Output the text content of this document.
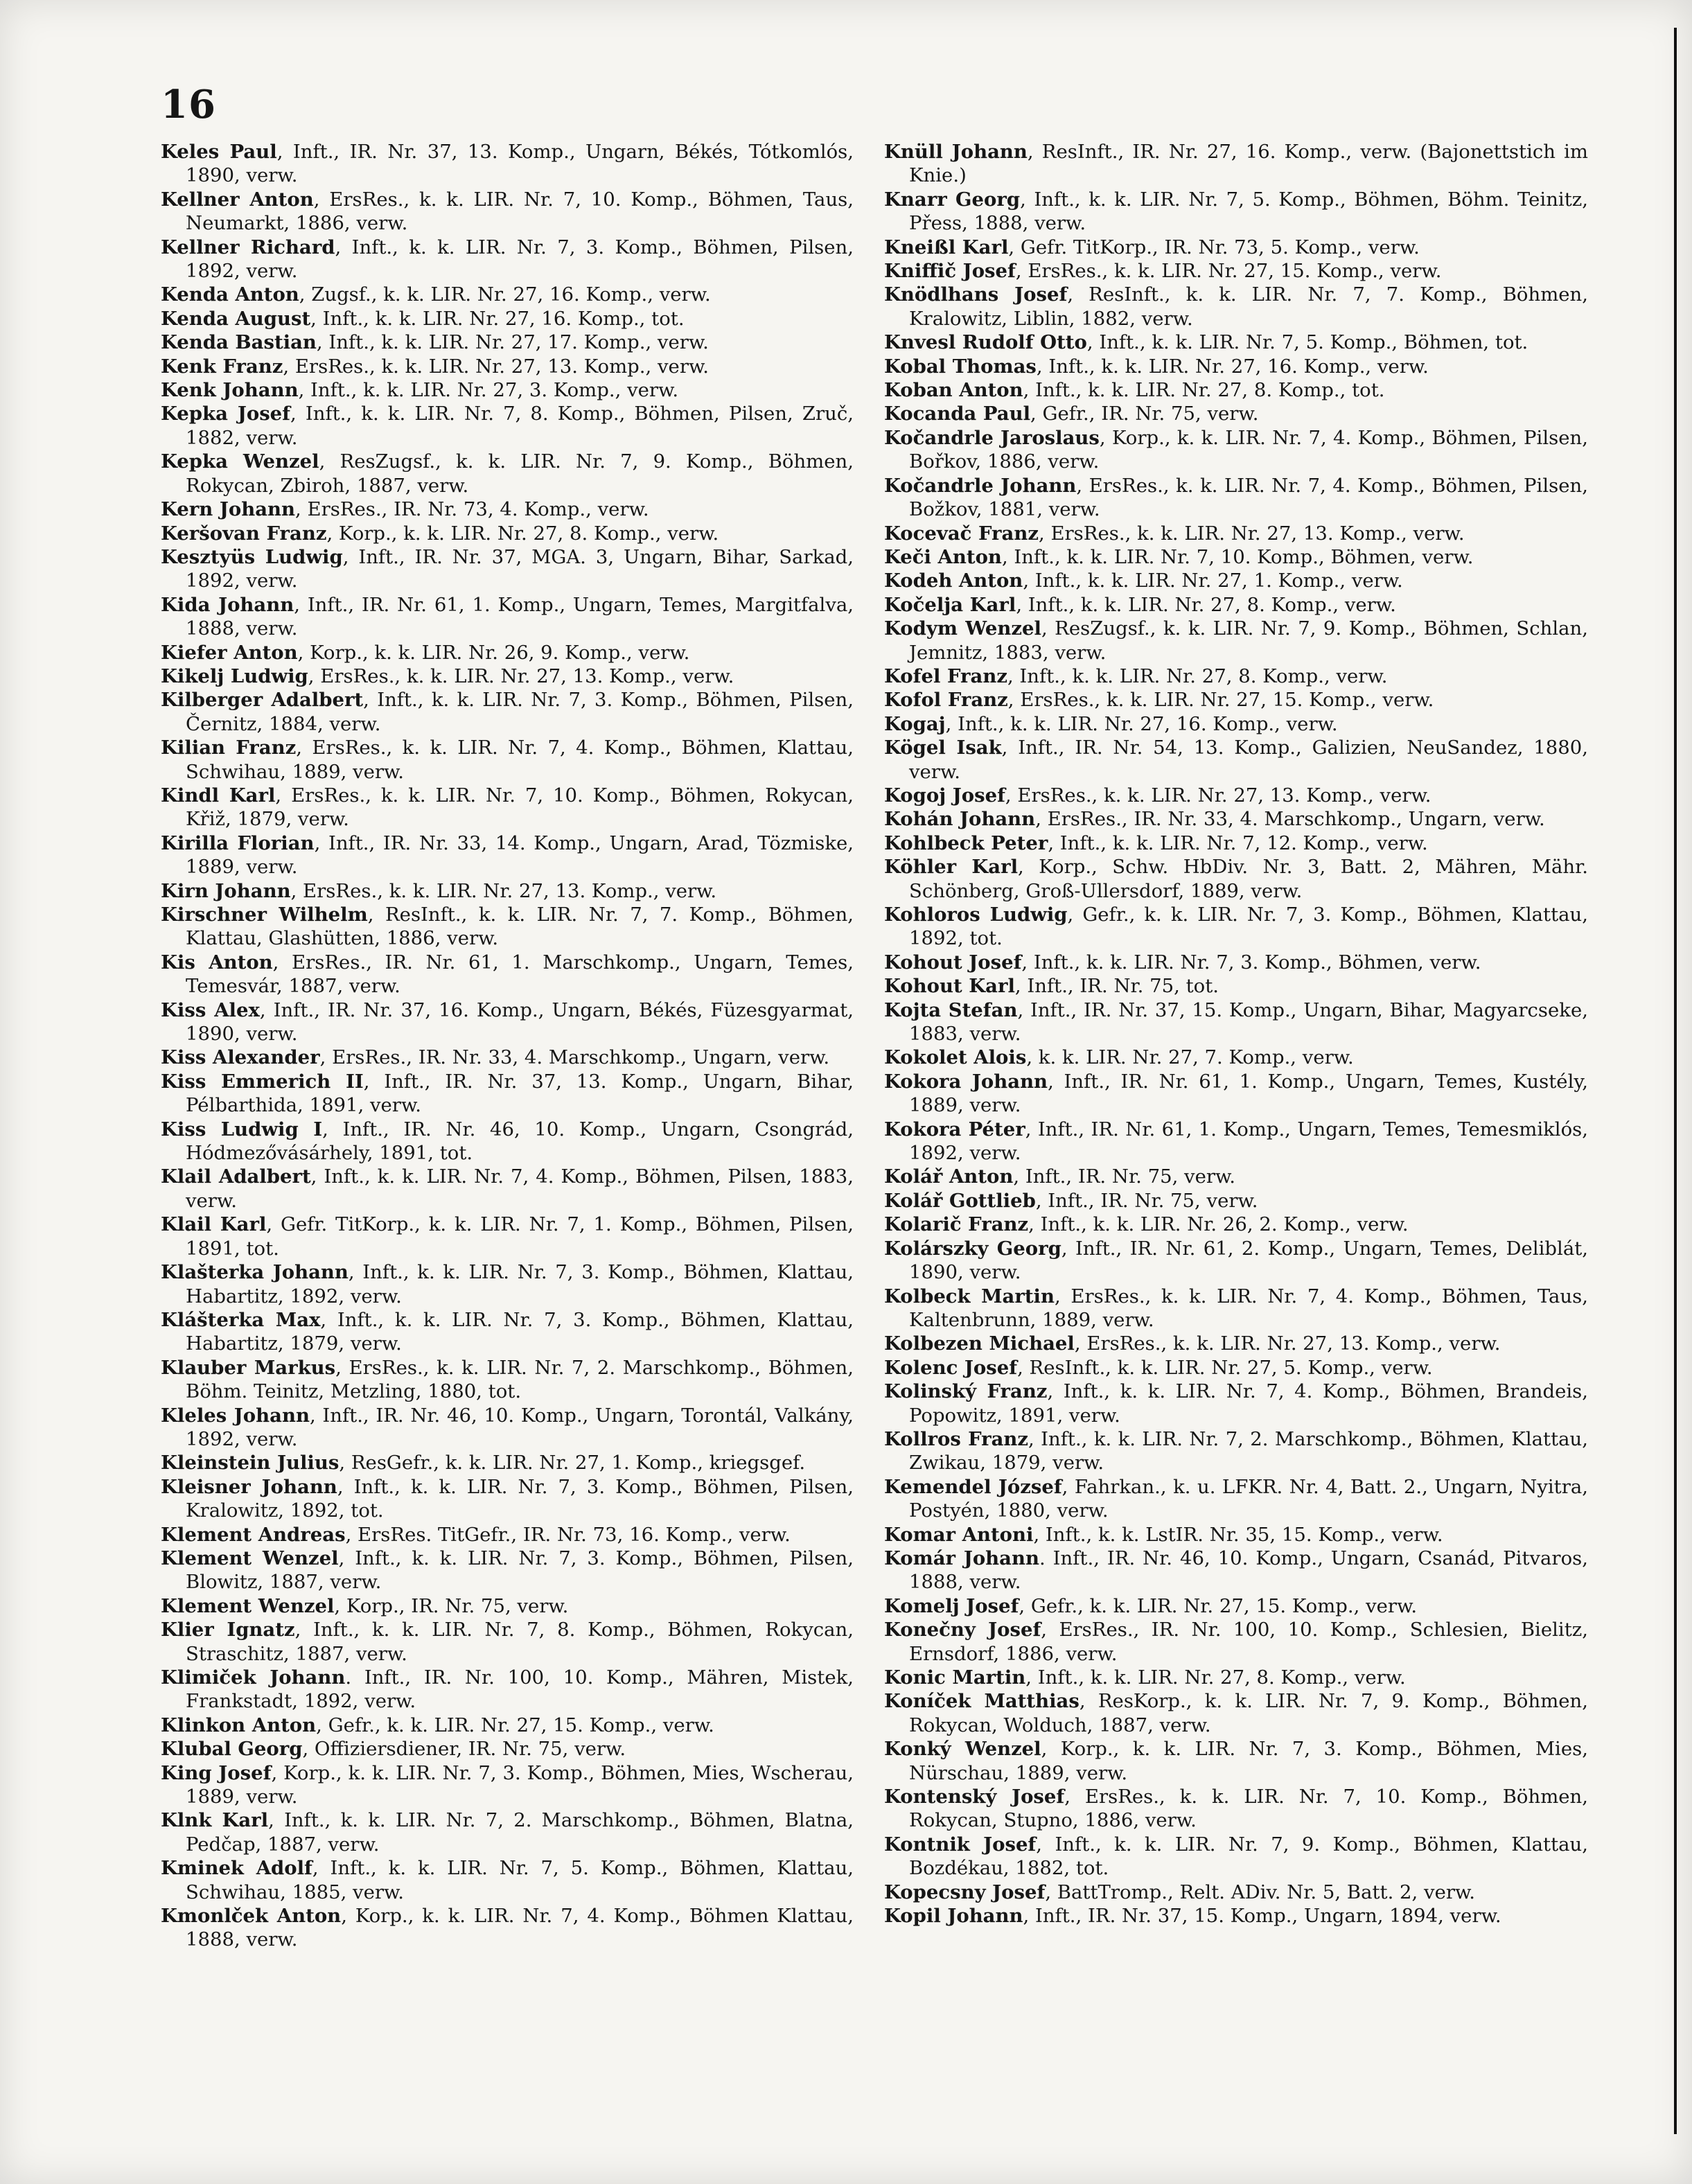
16
Keles Paul, Inft., IR. Nr. 37, 13. Komp., Ungarn, Békés, Tótkomlós, 1890, verw.
Kellner Anton, ErsRes., k. k. LIR. Nr. 7, 10. Komp., Böhmen, Taus, Neumarkt, 1886, verw.
Kellner Richard, Inft., k. k. LIR. Nr. 7, 3. Komp., Böhmen, Pilsen, 1892, verw.
Kenda Anton, Zugsf., k. k. LIR. Nr. 27, 16. Komp., verw.
Kenda August, Inft., k. k. LIR. Nr. 27, 16. Komp., tot.
Kenda Bastian, Inft., k. k. LIR. Nr. 27, 17. Komp., verw.
Kenk Franz, ErsRes., k. k. LIR. Nr. 27, 13. Komp., verw.
Kenk Johann, Inft., k. k. LIR. Nr. 27, 3. Komp., verw.
Kepka Josef, Inft., k. k. LIR. Nr. 7, 8. Komp., Böhmen, Pilsen, Zruč, 1882, verw.
Kepka Wenzel, ResZugsf., k. k. LIR. Nr. 7, 9. Komp., Böhmen, Rokycan, Zbiroh, 1887, verw.
Kern Johann, ErsRes., IR. Nr. 73, 4. Komp., verw.
Keršovan Franz, Korp., k. k. LIR. Nr. 27, 8. Komp., verw.
Kesztyüs Ludwig, Inft., IR. Nr. 37, MGA. 3, Ungarn, Bihar, Sarkad, 1892, verw.
Kida Johann, Inft., IR. Nr. 61, 1. Komp., Ungarn, Temes, Margitfalva, 1888, verw.
Kiefer Anton, Korp., k. k. LIR. Nr. 26, 9. Komp., verw.
Kikelj Ludwig, ErsRes., k. k. LIR. Nr. 27, 13. Komp., verw.
Kilberger Adalbert, Inft., k. k. LIR. Nr. 7, 3. Komp., Böhmen, Pilsen, Černitz, 1884, verw.
Kilian Franz, ErsRes., k. k. LIR. Nr. 7, 4. Komp., Böhmen, Klattau, Schwihau, 1889, verw.
Kindl Karl, ErsRes., k. k. LIR. Nr. 7, 10. Komp., Böhmen, Rokycan, Křiž, 1879, verw.
Kirilla Florian, Inft., IR. Nr. 33, 14. Komp., Ungarn, Arad, Tözmiske, 1889, verw.
Kirn Johann, ErsRes., k. k. LIR. Nr. 27, 13. Komp., verw.
Kirschner Wilhelm, ResInft., k. k. LIR. Nr. 7, 7. Komp., Böhmen, Klattau, Glashütten, 1886, verw.
Kis Anton, ErsRes., IR. Nr. 61, 1. Marschkomp., Ungarn, Temes, Temesvár, 1887, verw.
Kiss Alex, Inft., IR. Nr. 37, 16. Komp., Ungarn, Békés, Füzesgyarmat, 1890, verw.
Kiss Alexander, ErsRes., IR. Nr. 33, 4. Marschkomp., Ungarn, verw.
Kiss Emmerich II, Inft., IR. Nr. 37, 13. Komp., Ungarn, Bihar, Pélbarthida, 1891, verw.
Kiss Ludwig I, Inft., IR. Nr. 46, 10. Komp., Ungarn, Csongrád, Hódmezővásárhely, 1891, tot.
Klail Adalbert, Inft., k. k. LIR. Nr. 7, 4. Komp., Böhmen, Pilsen, 1883, verw.
Klail Karl, Gefr. TitKorp., k. k. LIR. Nr. 7, 1. Komp., Böhmen, Pilsen, 1891, tot.
Klašterka Johann, Inft., k. k. LIR. Nr. 7, 3. Komp., Böhmen, Klattau, Habartitz, 1892, verw.
Klášterka Max, Inft., k. k. LIR. Nr. 7, 3. Komp., Böhmen, Klattau, Habartitz, 1879, verw.
Klauber Markus, ErsRes., k. k. LIR. Nr. 7, 2. Marschkomp., Böhmen, Böhm. Teinitz, Metzling, 1880, tot.
Kleles Johann, Inft., IR. Nr. 46, 10. Komp., Ungarn, Torontál, Valkány, 1892, verw.
Kleinstein Julius, ResGefr., k. k. LIR. Nr. 27, 1. Komp., kriegsgef.
Kleisner Johann, Inft., k. k. LIR. Nr. 7, 3. Komp., Böhmen, Pilsen, Kralowitz, 1892, tot.
Klement Andreas, ErsRes. TitGefr., IR. Nr. 73, 16. Komp., verw.
Klement Wenzel, Inft., k. k. LIR. Nr. 7, 3. Komp., Böhmen, Pilsen, Blowitz, 1887, verw.
Klement Wenzel, Korp., IR. Nr. 75, verw.
Klier Ignatz, Inft., k. k. LIR. Nr. 7, 8. Komp., Böhmen, Rokycan, Straschitz, 1887, verw.
Klimiček Johann. Inft., IR. Nr. 100, 10. Komp., Mähren, Mistek, Frankstadt, 1892, verw.
Klinkon Anton, Gefr., k. k. LIR. Nr. 27, 15. Komp., verw.
Klubal Georg, Offiziersdiener, IR. Nr. 75, verw.
King Josef, Korp., k. k. LIR. Nr. 7, 3. Komp., Böhmen, Mies, Wscherau, 1889, verw.
Klnk Karl, Inft., k. k. LIR. Nr. 7, 2. Marschkomp., Böhmen, Blatna, Pedčap, 1887, verw.
Kminek Adolf, Inft., k. k. LIR. Nr. 7, 5. Komp., Böhmen, Klattau, Schwihau, 1885, verw.
Kmonlček Anton, Korp., k. k. LIR. Nr. 7, 4. Komp., Böhmen Klattau, 1888, verw.
Knüll Johann, ResInft., IR. Nr. 27, 16. Komp., verw. (Bajonettstich im Knie.)
Knarr Georg, Inft., k. k. LIR. Nr. 7, 5. Komp., Böhmen, Böhm. Teinitz, Přess, 1888, verw.
Kneißl Karl, Gefr. TitKorp., IR. Nr. 73, 5. Komp., verw.
Kniffič Josef, ErsRes., k. k. LIR. Nr. 27, 15. Komp., verw.
Knödlhans Josef, ResInft., k. k. LIR. Nr. 7, 7. Komp., Böhmen, Kralowitz, Liblin, 1882, verw.
Knvesl Rudolf Otto, Inft., k. k. LIR. Nr. 7, 5. Komp., Böhmen, tot.
Kobal Thomas, Inft., k. k. LIR. Nr. 27, 16. Komp., verw.
Koban Anton, Inft., k. k. LIR. Nr. 27, 8. Komp., tot.
Kocanda Paul, Gefr., IR. Nr. 75, verw.
Kočandrle Jaroslaus, Korp., k. k. LIR. Nr. 7, 4. Komp., Böhmen, Pilsen, Bořkov, 1886, verw.
Kočandrle Johann, ErsRes., k. k. LIR. Nr. 7, 4. Komp., Böhmen, Pilsen, Božkov, 1881, verw.
Kocevač Franz, ErsRes., k. k. LIR. Nr. 27, 13. Komp., verw.
Keči Anton, Inft., k. k. LIR. Nr. 7, 10. Komp., Böhmen, verw.
Kodeh Anton, Inft., k. k. LIR. Nr. 27, 1. Komp., verw.
Kočelja Karl, Inft., k. k. LIR. Nr. 27, 8. Komp., verw.
Kodym Wenzel, ResZugsf., k. k. LIR. Nr. 7, 9. Komp., Böhmen, Schlan, Jemnitz, 1883, verw.
Kofel Franz, Inft., k. k. LIR. Nr. 27, 8. Komp., verw.
Kofol Franz, ErsRes., k. k. LIR. Nr. 27, 15. Komp., verw.
Kogaj, Inft., k. k. LIR. Nr. 27, 16. Komp., verw.
Kögel Isak, Inft., IR. Nr. 54, 13. Komp., Galizien, NeuSandez, 1880, verw.
Kogoj Josef, ErsRes., k. k. LIR. Nr. 27, 13. Komp., verw.
Kohán Johann, ErsRes., IR. Nr. 33, 4. Marschkomp., Ungarn, verw.
Kohlbeck Peter, Inft., k. k. LIR. Nr. 7, 12. Komp., verw.
Köhler Karl, Korp., Schw. HbDiv. Nr. 3, Batt. 2, Mähren, Mähr. Schönberg, Groß-Ullersdorf, 1889, verw.
Kohloros Ludwig, Gefr., k. k. LIR. Nr. 7, 3. Komp., Böhmen, Klattau, 1892, tot.
Kohout Josef, Inft., k. k. LIR. Nr. 7, 3. Komp., Böhmen, verw.
Kohout Karl, Inft., IR. Nr. 75, tot.
Kojta Stefan, Inft., IR. Nr. 37, 15. Komp., Ungarn, Bihar, Magyarcseke, 1883, verw.
Kokolet Alois, k. k. LIR. Nr. 27, 7. Komp., verw.
Kokora Johann, Inft., IR. Nr. 61, 1. Komp., Ungarn, Temes, Kustély, 1889, verw.
Kokora Péter, Inft., IR. Nr. 61, 1. Komp., Ungarn, Temes, Temesmiklós, 1892, verw.
Kolář Anton, Inft., IR. Nr. 75, verw.
Kolář Gottlieb, Inft., IR. Nr. 75, verw.
Kolarič Franz, Inft., k. k. LIR. Nr. 26, 2. Komp., verw.
Kolárszky Georg, Inft., IR. Nr. 61, 2. Komp., Ungarn, Temes, Deliblát, 1890, verw.
Kolbeck Martin, ErsRes., k. k. LIR. Nr. 7, 4. Komp., Böhmen, Taus, Kaltenbrunn, 1889, verw.
Kolbezen Michael, ErsRes., k. k. LIR. Nr. 27, 13. Komp., verw.
Kolenc Josef, ResInft., k. k. LIR. Nr. 27, 5. Komp., verw.
Kolinský Franz, Inft., k. k. LIR. Nr. 7, 4. Komp., Böhmen, Brandeis, Popowitz, 1891, verw.
Kollros Franz, Inft., k. k. LIR. Nr. 7, 2. Marschkomp., Böhmen, Klattau, Zwikau, 1879, verw.
Kemendel József, Fahrkan., k. u. LFKR. Nr. 4, Batt. 2., Ungarn, Nyitra, Postyén, 1880, verw.
Komar Antoni, Inft., k. k. LstIR. Nr. 35, 15. Komp., verw.
Komár Johann. Inft., IR. Nr. 46, 10. Komp., Ungarn, Csanád, Pitvaros, 1888, verw.
Komelj Josef, Gefr., k. k. LIR. Nr. 27, 15. Komp., verw.
Konečny Josef, ErsRes., IR. Nr. 100, 10. Komp., Schlesien, Bielitz, Ernsdorf, 1886, verw.
Konic Martin, Inft., k. k. LIR. Nr. 27, 8. Komp., verw.
Koníček Matthias, ResKorp., k. k. LIR. Nr. 7, 9. Komp., Böhmen, Rokycan, Wolduch, 1887, verw.
Konký Wenzel, Korp., k. k. LIR. Nr. 7, 3. Komp., Böhmen, Mies, Nürschau, 1889, verw.
Kontenský Josef, ErsRes., k. k. LIR. Nr. 7, 10. Komp., Böhmen, Rokycan, Stupno, 1886, verw.
Kontnik Josef, Inft., k. k. LIR. Nr. 7, 9. Komp., Böhmen, Klattau, Bozdékau, 1882, tot.
Kopecsny Josef, BattTromp., Relt. ADiv. Nr. 5, Batt. 2, verw.
Kopil Johann, Inft., IR. Nr. 37, 15. Komp., Ungarn, 1894, verw.
